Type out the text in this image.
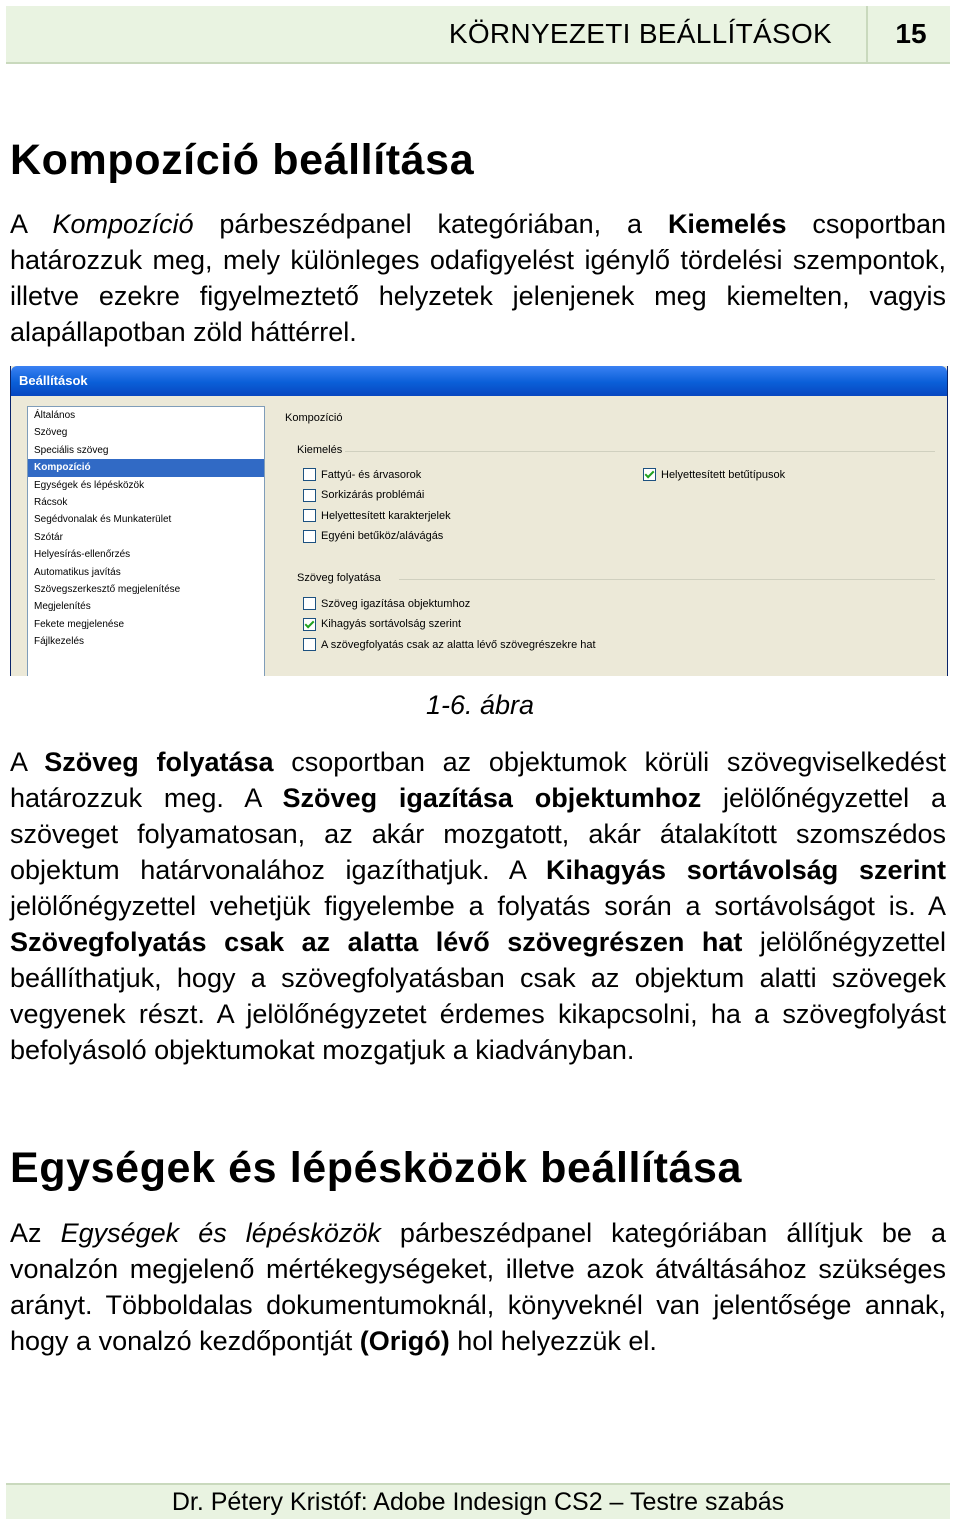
KÖRNYEZETI BEÁLLÍTÁSOK	15
Kompozíció beállítása
A Kompozíció párbeszédpanel kategóriában, a Kiemelés csoportban határozzuk meg, mely különleges odafigyelést igénylő tördelési szempontok, illetve ezekre figyelmeztető helyzetek jelenjenek meg kiemelten, vagyis alapállapotban zöld háttérrel.
Beállítások
Általános
Szöveg
Speciális szöveg
Kompozíció
Egységek és lépésközök
Rácsok
Segédvonalak és Munkaterület
Szótár
Helyesírás-ellenőrzés
Automatikus javítás
Szövegszerkesztő megjelenítése
Megjelenítés
Fekete megjelenése
Fájlkezelés
Kompozíció
Kiemelés
Fattyú- és árvasorok
Sorkizárás problémái
Helyettesített karakterjelek
Egyéni betűköz/alávágás
Helyettesített betűtípusok
Szöveg folyatása
Szöveg igazítása objektumhoz
Kihagyás sortávolság szerint
A szövegfolyatás csak az alatta lévő szövegrészekre hat
1-6. ábra
A Szöveg folyatása csoportban az objektumok körüli szövegviselkedést határozzuk meg. A Szöveg igazítása objektumhoz jelölőnégyzettel a szöveget folyamatosan, az akár mozgatott, akár átalakított szomszédos objektum határvonalához igazíthatjuk. A Kihagyás sortávolság szerint jelölőnégyzettel vehetjük figyelembe a folyatás során a sortávolságot is. A Szövegfolyatás csak az alatta lévő szövegrészen hat jelölőnégyzettel beállíthatjuk, hogy a szövegfolyatásban csak az objektum alatti szövegek vegyenek részt. A jelölőnégyzetet érdemes kikapcsolni, ha a szövegfolyást befolyásoló objektumokat mozgatjuk a kiadványban.
Egységek és lépésközök beállítása
Az Egységek és lépésközök párbeszédpanel kategóriában állítjuk be a vonalzón megjelenő mértékegységeket, illetve azok átváltásához szükséges arányt. Többoldalas dokumentumoknál, könyveknél van jelentősége annak, hogy a vonalzó kezdőpontját (Origó) hol helyezzük el.
Dr. Pétery Kristóf: Adobe Indesign CS2 – Testre szabás
